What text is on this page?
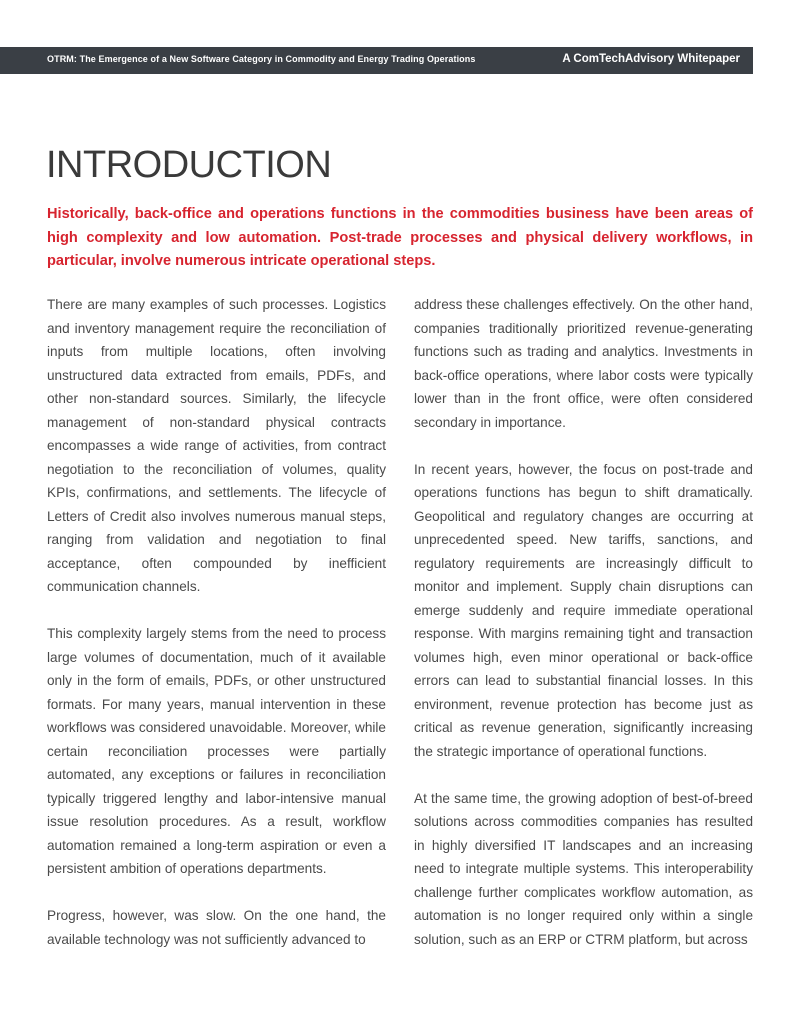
OTRM: The Emergence of a New Software Category in Commodity and Energy Trading Operations	A ComTechAdvisory Whitepaper
INTRODUCTION

Historically, back-office and operations functions in the commodities business have been areas of high complexity and low automation. Post-trade processes and physical delivery workflows, in particular, involve numerous intricate operational steps.

There are many examples of such processes. Logistics and inventory management require the reconciliation of inputs from multiple locations, often involving unstructured data extracted from emails, PDFs, and other non-standard sources. Similarly, the lifecycle management of non-standard physical contracts encompasses a wide range of activities, from contract negotiation to the reconciliation of volumes, quality KPIs, confirmations, and settlements. The lifecycle of Letters of Credit also involves numerous manual steps, ranging from validation and negotiation to final acceptance, often compounded by inefficient communication channels.

This complexity largely stems from the need to process large volumes of documentation, much of it available only in the form of emails, PDFs, or other unstructured formats. For many years, manual intervention in these workflows was considered unavoidable. Moreover, while certain reconciliation processes were partially automated, any exceptions or failures in reconciliation typically triggered lengthy and labor-intensive manual issue resolution procedures. As a result, workflow automation remained a long-term aspiration or even a persistent ambition of operations departments.

Progress, however, was slow. On the one hand, the available technology was not sufficiently advanced to

address these challenges effectively. On the other hand, companies traditionally prioritized revenue-generating functions such as trading and analytics. Investments in back-office operations, where labor costs were typically lower than in the front office, were often considered secondary in importance.

In recent years, however, the focus on post-trade and operations functions has begun to shift dramatically. Geopolitical and regulatory changes are occurring at unprecedented speed. New tariffs, sanctions, and regulatory requirements are increasingly difficult to monitor and implement. Supply chain disruptions can emerge suddenly and require immediate operational response. With margins remaining tight and transaction volumes high, even minor operational or back-office errors can lead to substantial financial losses. In this environment, revenue protection has become just as critical as revenue generation, significantly increasing the strategic importance of operational functions.

At the same time, the growing adoption of best-of-breed solutions across commodities companies has resulted in highly diversified IT landscapes and an increasing need to integrate multiple systems. This interoperability challenge further complicates workflow automation, as automation is no longer required only within a single solution, such as an ERP or CTRM platform, but across
